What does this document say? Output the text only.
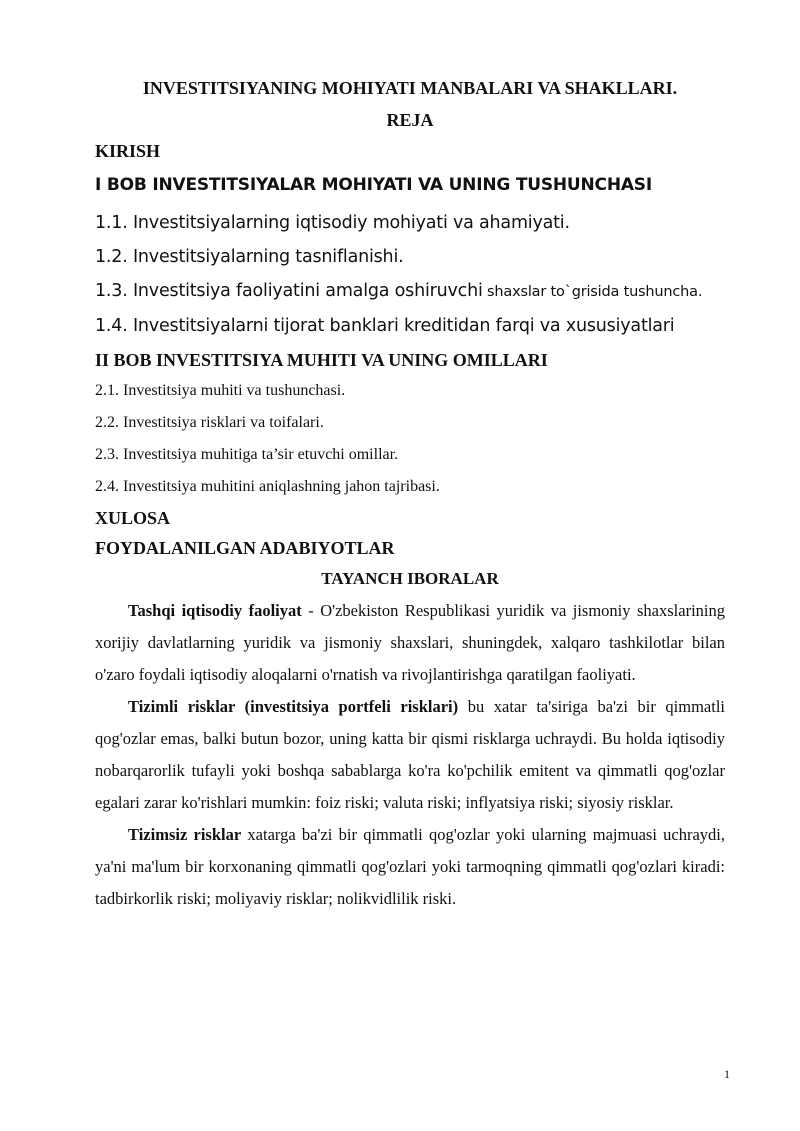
INVESTITSIYANING MOHIYATI MANBALARI VA SHAKLLARI.

REJA

KIRISH

I BOB INVESTITSIYALAR MOHIYATI VA UNING TUSHUNCHASI

1.1. Investitsiyalarning iqtisodiy mohiyati va ahamiyati.

1.2. Investitsiyalarning tasniflanishi.

1.3. Investitsiya faoliyatini amalga oshiruvchi shaxslar to`grisida tushuncha.

1.4. Investitsiyalarni tijorat banklari kreditidan farqi va xususiyatlari

II BOB INVESTITSIYA MUHITI VA UNING OMILLARI

2.1. Investitsiya muhiti va tushunchasi.

2.2. Investitsiya risklari va toifalari.

2.3. Investitsiya muhitiga ta’sir etuvchi omillar.

2.4. Investitsiya muhitini aniqlashning jahon tajribasi.

XULOSA

FOYDALANILGAN ADABIYOTLAR

TAYANCH IBORALAR

Tashqi iqtisodiy faoliyat - O'zbekiston Respublikasi yuridik va jismoniy shaxslarining xorijiy davlatlarning yuridik va jismoniy shaxslari, shuningdek, xalqaro tashkilotlar bilan o'zaro foydali iqtisodiy aloqalarni o'rnatish va rivojlantirishga qaratilgan faoliyati.

Tizimli risklar (investitsiya portfeli risklari) bu xatar ta'siriga ba'zi bir qimmatli qog'ozlar emas, balki butun bozor, uning katta bir qismi risklarga uchraydi. Bu holda iqtisodiy nobarqarorlik tufayli yoki boshqa sabablarga ko'ra ko'pchilik emitent va qimmatli qog'ozlar egalari zarar ko'rishlari mumkin: foiz riski; valuta riski; inflyatsiya riski; siyosiy risklar.

Tizimsiz risklar xatarga ba'zi bir qimmatli qog'ozlar yoki ularning majmuasi uchraydi, ya'ni ma'lum bir korxonaning qimmatli qog'ozlari yoki tarmoqning qimmatli qog'ozlari kiradi: tadbirkorlik riski; moliyaviy risklar; nolikvidlilik riski.

1
